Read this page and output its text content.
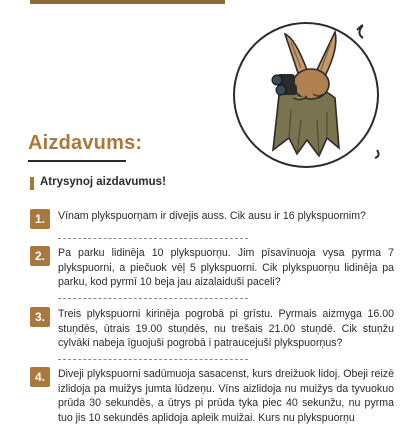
Aizdavums:
Atrysynoj aizdavumus!
1.	Vīnam plykspuorņam ir divejis auss. Cik ausu ir 16 plykspuornim?
2.	Pa parku lidinēja 10 plykspuorņu. Jim pīsavīnuoja vysa pyrma 7 plykspuorni, a piečuok vēļ 5 plykspuorni. Cik plykspuorņu lidinēja pa parku, kod pyrmī 10 beja jau aizalaiduši paceli?
3.	Treis plykspuorni kirinēja pogrobā pi grīstu. Pyrmais aizmyga 16.00 stuņdēs, ūtrais 19.00 stuņdēs, nu trešais 21.00 stuņdē. Cik stuņžu cylvāki nabeja īguojuši pogrobā i patraucejuši plykspuorņus?
4.	Diveji plykspuorni sadūmuoja sasacenst, kurs dreižuok lidoj. Obeji reizē izlidoja pa muižys jumta lūdzeņu. Vīns aizlidoja nu muižys da tyvuokuo prūda 30 sekundēs, a ūtrys pi prūda tyka piec 40 sekunžu, nu pyrma tuo jis 10 sekundēs aplidoja apleik muižai. Kurs nu plykspuorņu
